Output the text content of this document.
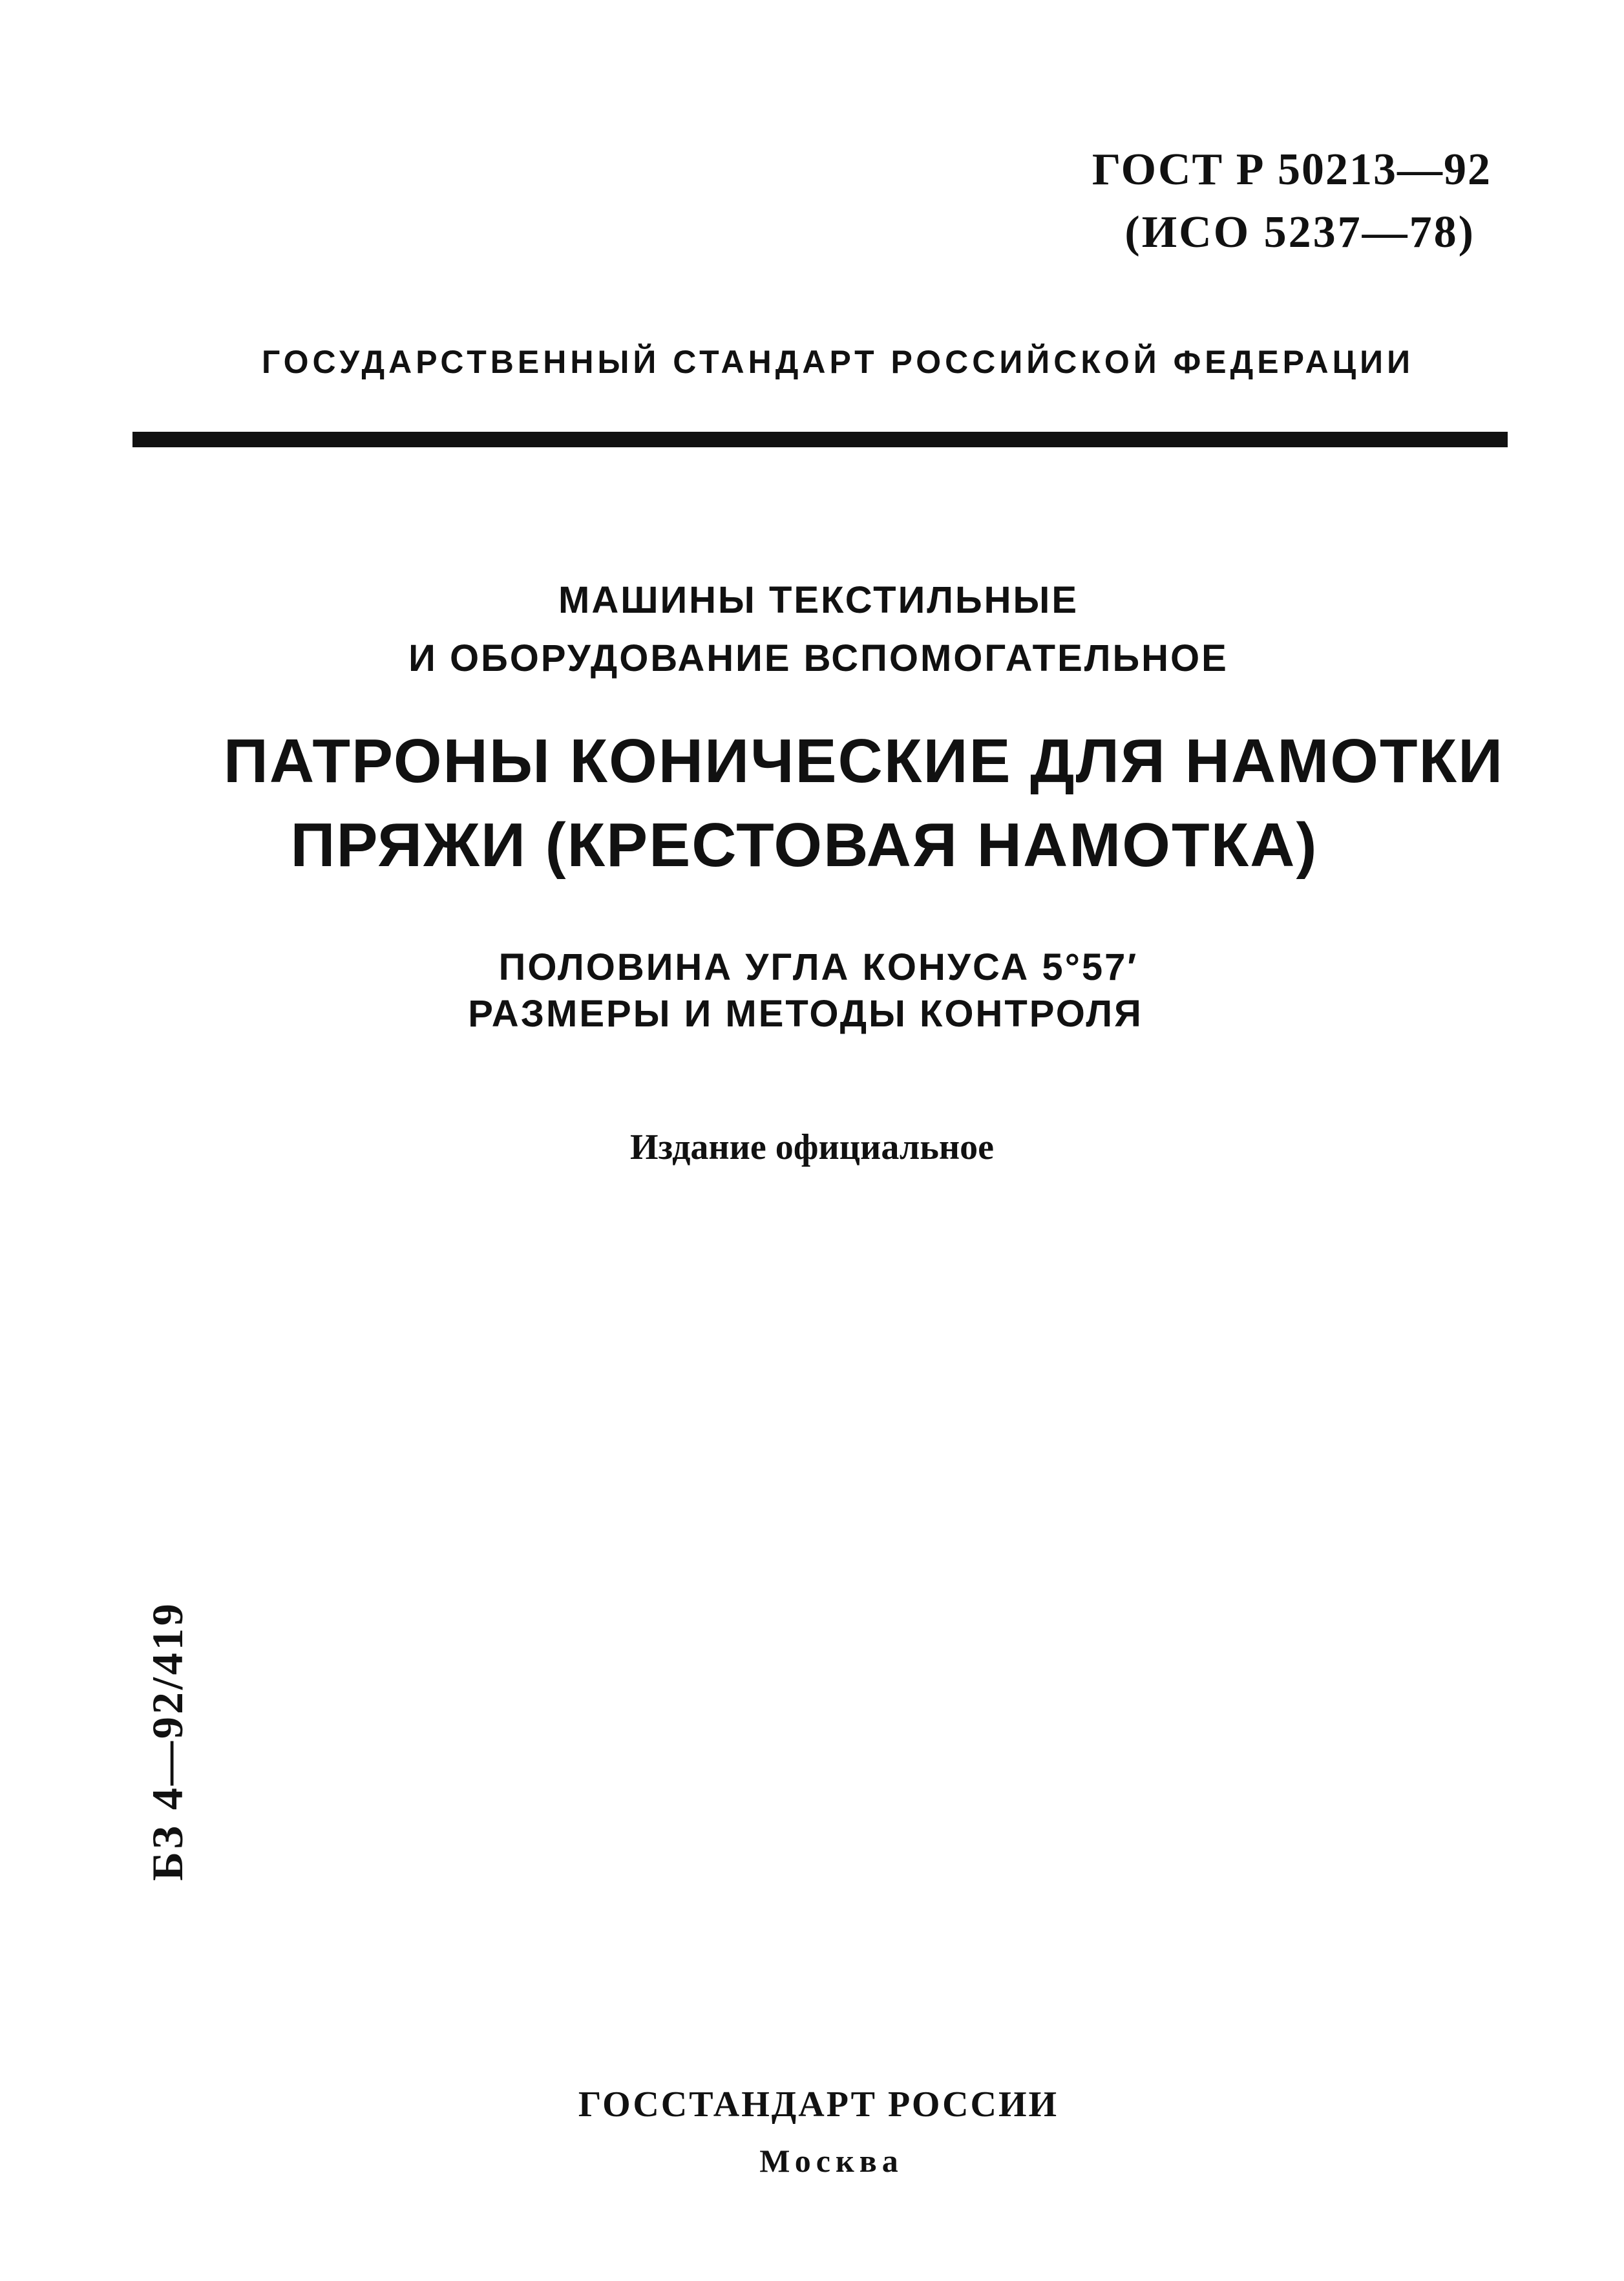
ГОСТ Р 50213—92
(ИСО 5237—78)
ГОСУДАРСТВЕННЫЙ СТАНДАРТ РОССИЙСКОЙ ФЕДЕРАЦИИ
МАШИНЫ ТЕКСТИЛЬНЫЕ
И ОБОРУДОВАНИЕ ВСПОМОГАТЕЛЬНОЕ
ПАТРОНЫ КОНИЧЕСКИЕ ДЛЯ НАМОТКИ
ПРЯЖИ (КРЕСТОВАЯ НАМОТКА)
ПОЛОВИНА УГЛА КОНУСА 5°57′
РАЗМЕРЫ И МЕТОДЫ КОНТРОЛЯ
Издание официальное
БЗ 4—92/419
ГОССТАНДАРТ РОССИИ
Москва
